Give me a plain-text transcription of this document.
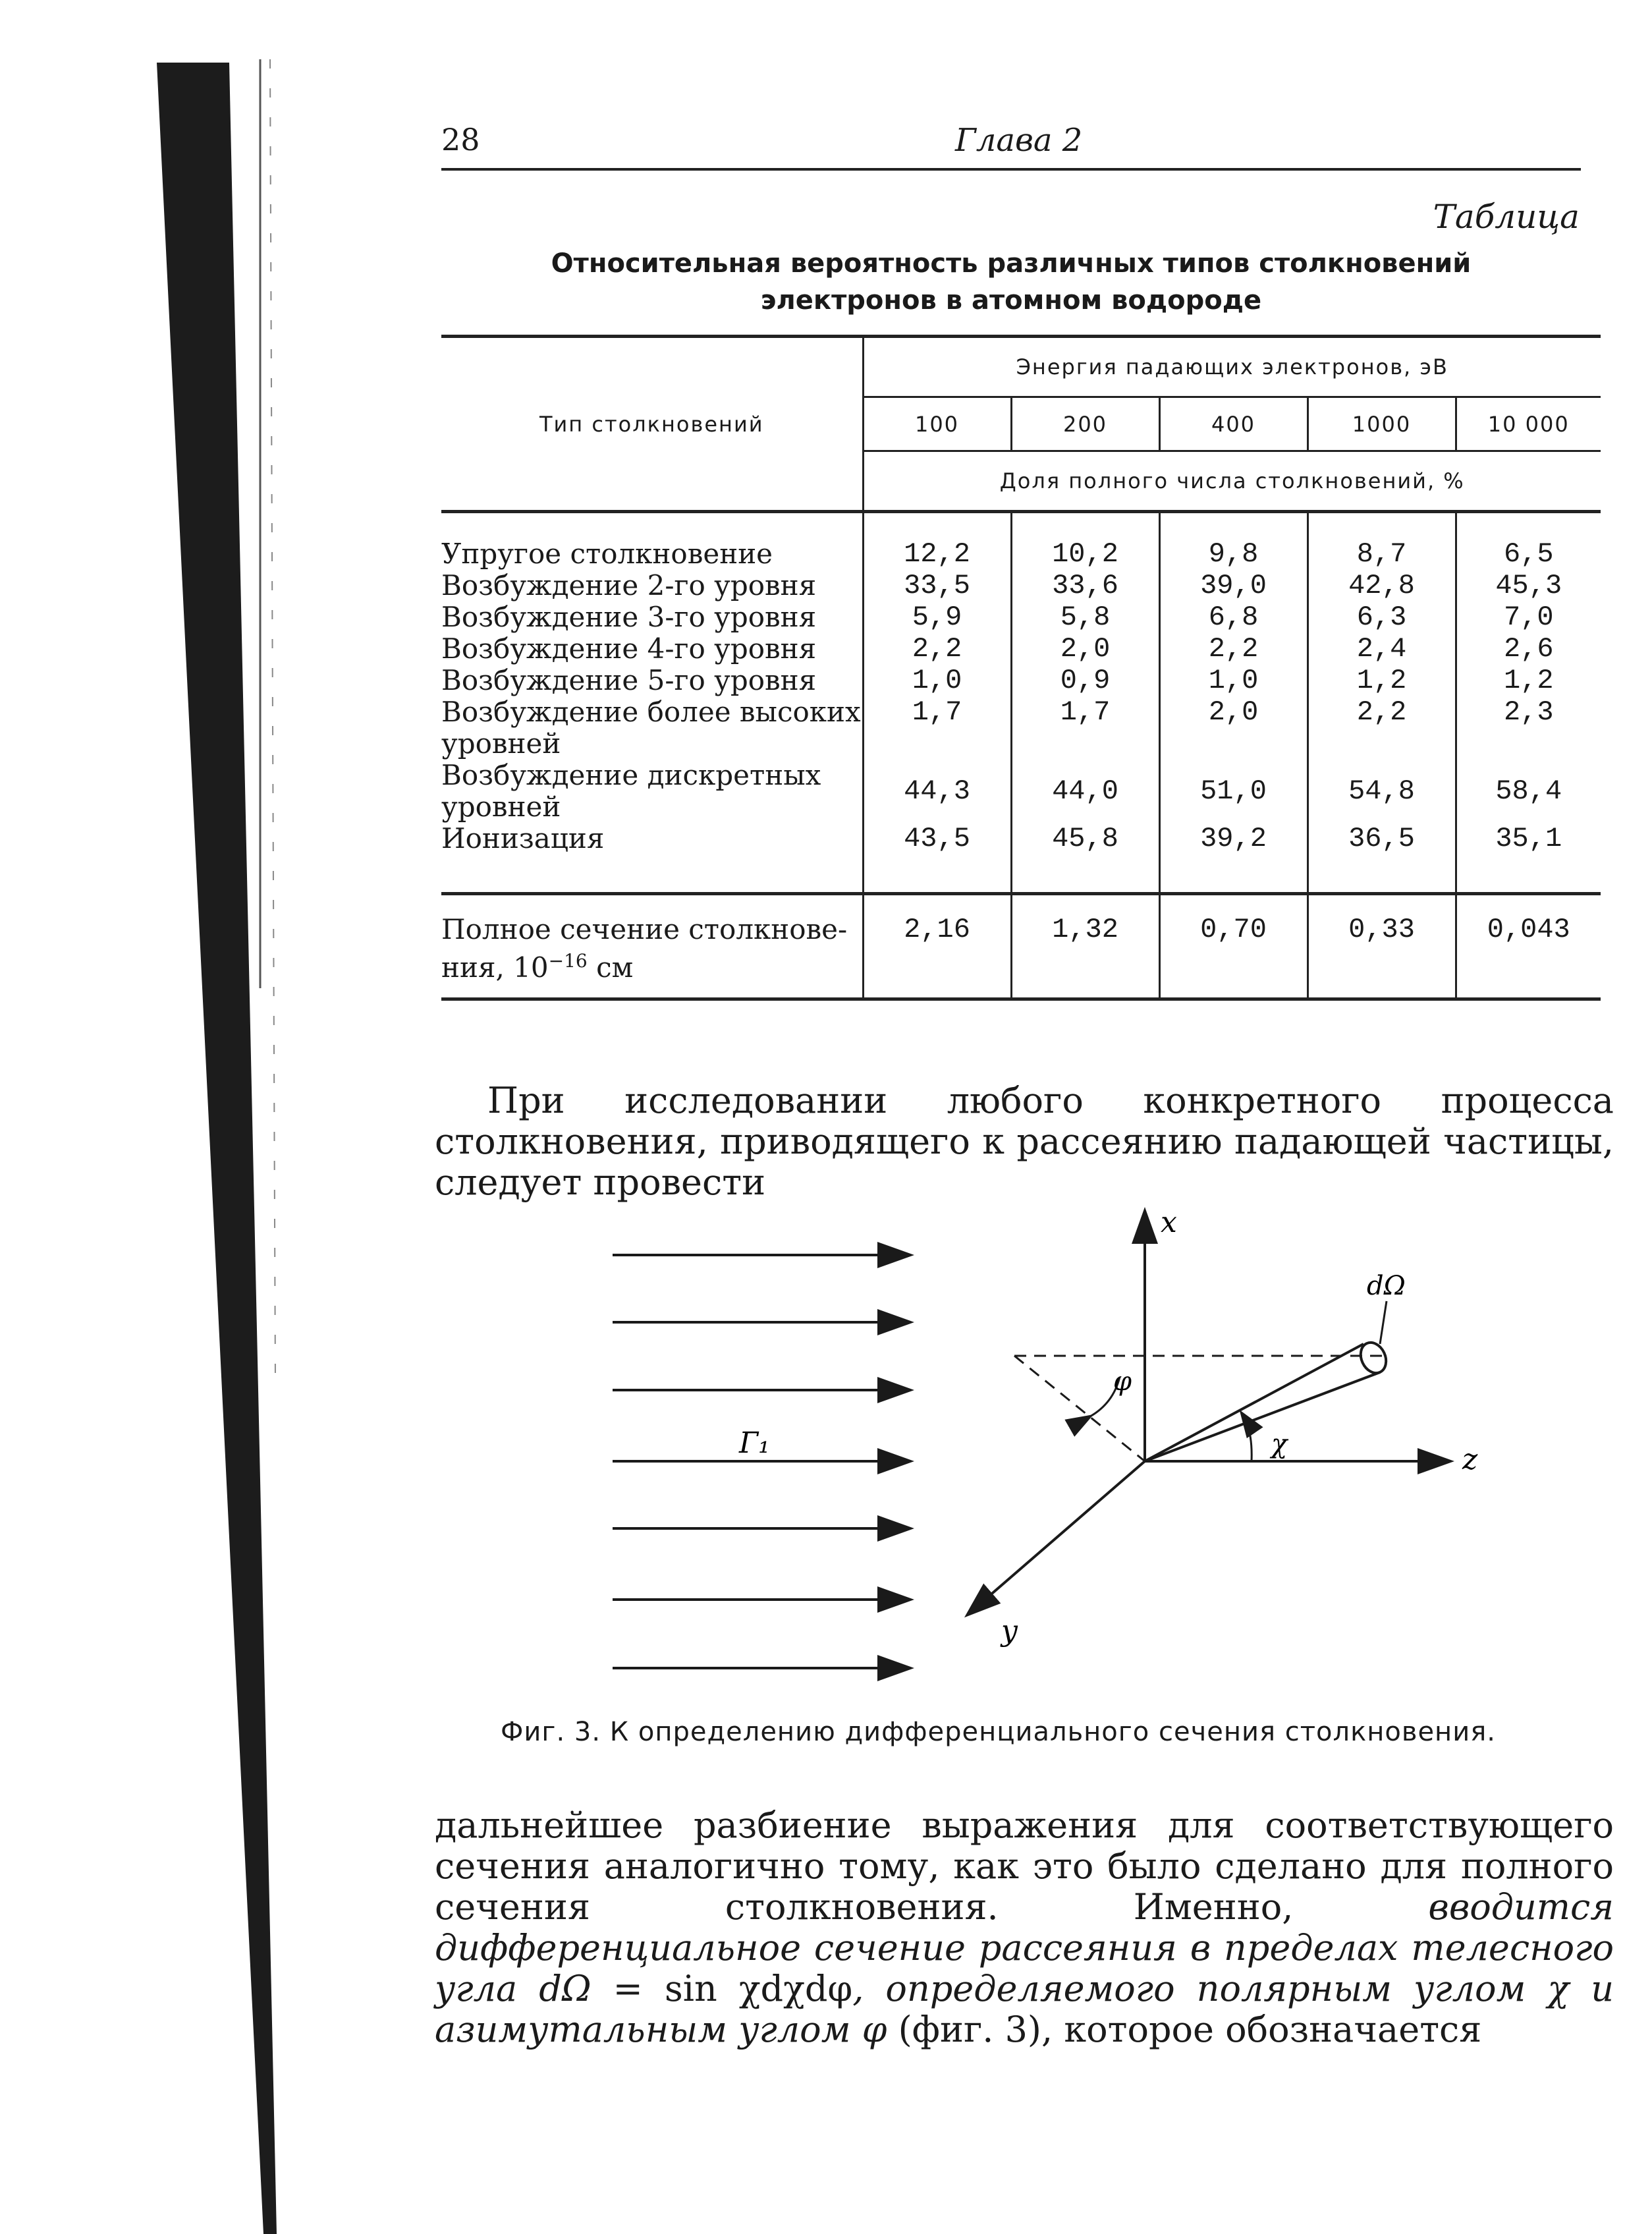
28	Глава 2
Таблица
Относительная вероятность различных типов столкновений
электронов в атомном водороде
Тип столкновений	Энергия падающих электронов, эВ				
	100	200	400	1000	10 000
	Доля полного числа столкновений, %				

Упругое столкновение	12,2	10,2	9,8	8,7	6,5
Возбуждение 2-го уровня	33,5	33,6	39,0	42,8	45,3
Возбуждение 3-го уровня	5,9	5,8	6,8	6,3	7,0
Возбуждение 4-го уровня	2,2	2,0	2,2	2,4	2,6
Возбуждение 5-го уровня	1,0	0,9	1,0	1,2	1,2
Возбуждение более высоких уровней	1,7	1,7	2,0	2,2	2,3
Возбуждение дискретных уровней	44,3	44,0	51,0	54,8	58,4
Ионизация	43,5	45,8	39,2	36,5	35,1

Полное сечение столкнове-
ния, $10^{-16}$ см	2,16	1,32	0,70	0,33	0,043

При исследовании любого конкретного процесса столкновения, приводящего к рассеянию падающей частицы, следует провести

Г₁
x
z
y
dΩ
φ
χ
Фиг. 3. К определению дифференциального сечения столкновения.

дальнейшее разбиение выражения для соответствующего сечения аналогично тому, как это было сделано для полного сечения столкновения. Именно, вводится дифференциальное сечение рассеяния в пределах телесного угла dΩ = sin χdχdφ, определяемого полярным углом χ и азимутальным углом φ (фиг. 3), которое обозначается
